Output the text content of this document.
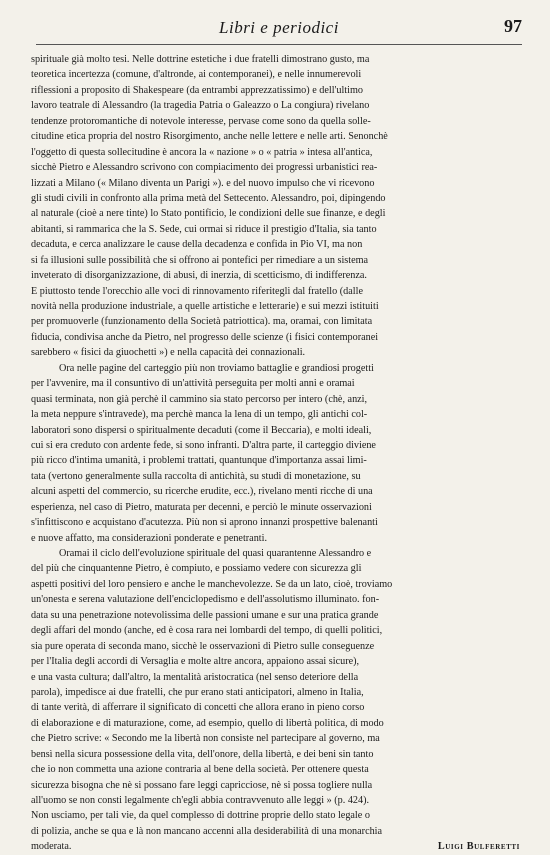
Libri e periodici	97
spirituale già molto tesi. Nelle dottrine estetiche i due fratelli dimostrano gusto, ma
teoretica incertezza (comune, d'altronde, ai contemporanei), e nelle innumerevoli
riflessioni a proposito di Shakespeare (da entrambi apprezzatissimo) e dell'ultimo
lavoro teatrale di Alessandro (la tragedia Patria o Galeazzo o La congiura) rivelano
tendenze protoromantiche di notevole interesse, pervase come sono da quella solle-
citudine etica propria del nostro Risorgimento, anche nelle lettere e nelle arti. Senonchè
l'oggetto di questa sollecitudine è ancora la « nazione » o « patria » intesa all'antica,
sicchè Pietro e Alessandro scrivono con compiacimento dei progressi urbanistici rea-
lizzati a Milano (« Milano diventa un Parigi »). e del nuovo impulso che vi ricevono
gli studi civili in confronto alla prima metà del Settecento. Alessandro, poi, dipingendo
al naturale (cioè a nere tinte) lo Stato pontificio, le condizioni delle sue finanze, e degli
abitanti, si rammarica che la S. Sede, cui ormai si riduce il prestigio d'Italia, sia tanto
decaduta, e cerca analizzare le cause della decadenza e confida in Pio VI, ma non
si fa illusioni sulle possibilità che si offrono ai pontefici per rimediare a un sistema
inveterato di disorganizzazione, di abusi, di inerzia, di scetticismo, di indifferenza.
E piuttosto tende l'orecchio alle voci di rinnovamento riferitegli dal fratello (dalle
novità nella produzione industriale, a quelle artistiche e letterarie) e sui mezzi istituiti
per promuoverle (funzionamento della Società patriottica). ma, oramai, con limitata
fiducia, condivisa anche da Pietro, nel progresso delle scienze (i fisici contemporanei
sarebbero « fisici da giuochetti ») e nella capacità dei connazionali.
Ora nelle pagine del carteggio più non troviamo battaglie e grandiosi progetti
per l'avvenire, ma il consuntivo di un'attività perseguita per molti anni e oramai
quasi terminata, non già perchè il cammino sia stato percorso per intero (chè, anzi,
la meta neppure s'intravede), ma perchè manca la lena di un tempo, gli antichi col-
laboratori sono dispersi o spiritualmente decaduti (come il Beccaria), e molti ideali,
cui si era creduto con ardente fede, si sono infranti. D'altra parte, il carteggio diviene
più ricco d'intima umanità, i problemi trattati, quantunque d'importanza assai limi-
tata (vertono generalmente sulla raccolta di antichità, su studi di monetazione, su
alcuni aspetti del commercio, su ricerche erudite, ecc.), rivelano menti ricche di una
esperienza, nel caso di Pietro, maturata per decenni, e perciò le minute osservazioni
s'infittiscono e acquistano d'acutezza. Più non si aprono innanzi prospettive balenanti
e nuove affatto, ma considerazioni ponderate e penetranti.
Oramai il ciclo dell'evoluzione spirituale del quasi quarantenne Alessandro e
del più che cinquantenne Pietro, è compiuto, e possiamo vedere con sicurezza gli
aspetti positivi del loro pensiero e anche le manchevolezze. Se da un lato, cioè, troviamo
un'onesta e serena valutazione dell'enciclopedismo e dell'assolutismo illuminato. fon-
data su una penetrazione notevolissima delle passioni umane e sur una pratica grande
degli affari del mondo (anche, ed è cosa rara nei lombardi del tempo, di quelli politici,
sia pure operata di seconda mano, sicchè le osservazioni di Pietro sulle conseguenze
per l'Italia degli accordi di Versaglia e molte altre ancora, appaiono assai sicure),
e una vasta cultura; dall'altro, la mentalità aristocratica (nel senso deteriore della
parola), impedisce ai due fratelli, che pur erano stati anticipatori, almeno in Italia,
di tante verità, di afferrare il significato di concetti che allora erano in pieno corso
di elaborazione e di maturazione, come, ad esempio, quello di libertà politica, di modo
che Pietro scrive: « Secondo me la libertà non consiste nel partecipare al governo, ma
bensì nella sicura possessione della vita, dell'onore, della libertà, e dei beni sin tanto
che io non commetta una azione contraria al bene della società. Per ottenere questa
sicurezza bisogna che nè si possano fare leggi capricciose, nè si possa togliere nulla
all'uomo se non consti legalmente ch'egli abbia contravvenuto alle leggi » (p. 424).
Non usciamo, per tali vie, da quel complesso di dottrine proprie dello stato legale o
di polizia, anche se qua e là non mancano accenni alla desiderabilità di una monarchia
moderata.	Luigi Bulferetti
